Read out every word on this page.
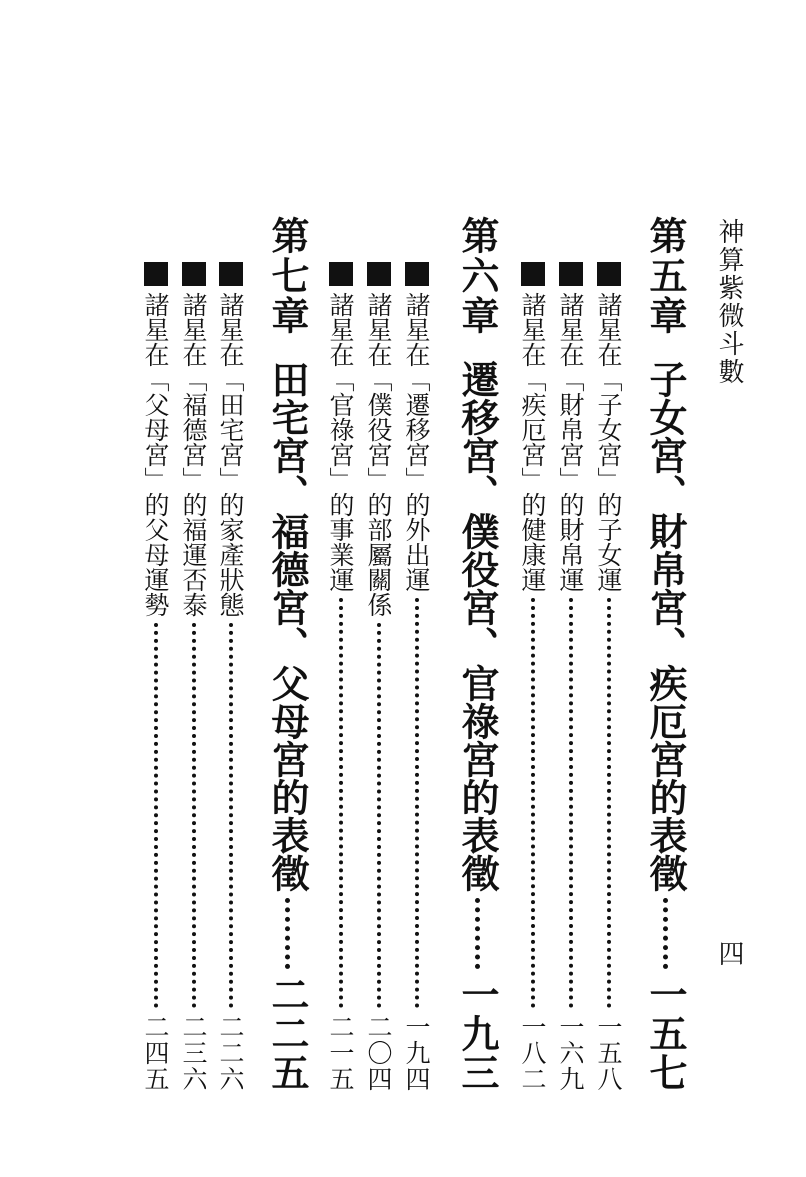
神算紫微斗數
四
第五章
子女宮、財帛宮、疾厄宮的表徵
一五七
諸星在「子女宮」的子女運
一五八
諸星在「財帛宮」的財帛運
一六九
諸星在「疾厄宮」的健康運
一八二
第六章
遷移宮、僕役宮、官祿宮的表徵
一九三
諸星在「遷移宮」的外出運
一九四
諸星在「僕役宮」的部屬關係
二〇四
諸星在「官祿宮」的事業運
二一五
第七章
田宅宮、福德宮、父母宮的表徵
二二五
諸星在「田宅宮」的家產狀態
二二六
諸星在「福德宮」的福運否泰
二三六
諸星在「父母宮」的父母運勢
二四五
